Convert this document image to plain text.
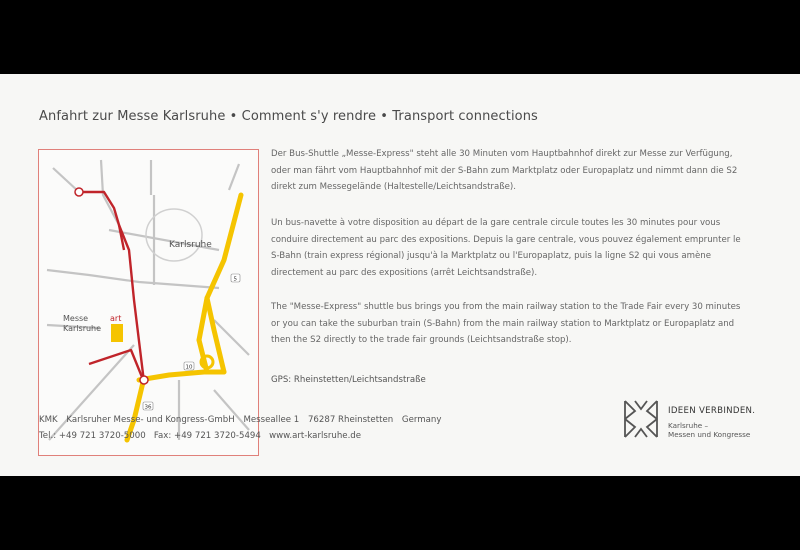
Anfahrt zur Messe Karlsruhe • Comment s'y rendre • Transport connections
art
Karlsruhe
Messe
Karlsruhe
5
10
36
Der Bus-Shuttle „Messe-Express" steht alle 30 Minuten vom Hauptbahnhof direkt zur Messe zur Verfügung, oder man fährt vom Hauptbahnhof mit der S-Bahn zum Marktplatz oder Europaplatz und nimmt dann die S2 direkt zum Messegelände (Haltestelle/Leichtsandstraße).
Un bus-navette à votre disposition au départ de la gare centrale circule toutes les 30 minutes pour vous conduire directement au parc des expositions. Depuis la gare centrale, vous pouvez également emprunter le S-Bahn (train express régional) jusqu'à la Marktplatz ou l'Europaplatz, puis la ligne S2 qui vous amène directement au parc des expositions (arrêt Leichtsandstraße).
The "Messe-Express" shuttle bus brings you from the main railway station to the Trade Fair every 30 minutes or you can take the suburban train (S-Bahn) from the main railway station to Marktplatz or Europaplatz and then the S2 directly to the trade fair grounds (Leichtsandstraße stop).
GPS: Rheinstetten/Leichtsandstraße
KMK Karlsruher Messe- und Kongress-GmbH Messeallee 1 76287 Rheinstetten Germany
Tel.: +49 721 3720-5000 Fax: +49 721 3720-5494 www.art-karlsruhe.de
IDEEN VERBINDEN.
Karlsruhe –
Messen und Kongresse
